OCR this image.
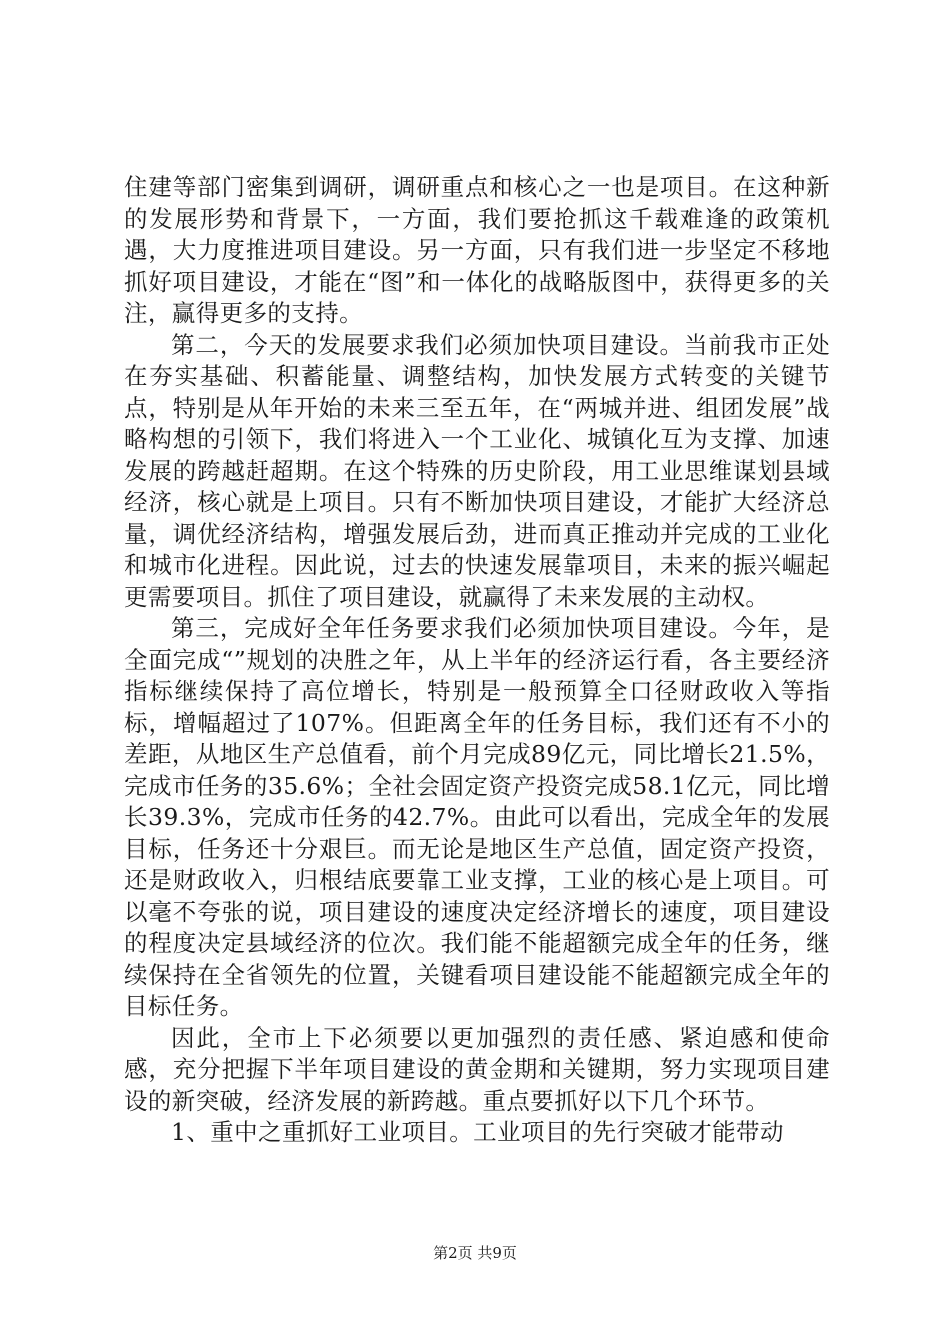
住建等部门密集到调研，调研重点和核心之一也是项目。在这种新的发展形势和背景下，一方面，我们要抢抓这千载难逢的政策机遇，大力度推进项目建设。另一方面，只有我们进一步坚定不移地抓好项目建设，才能在“图”和一体化的战略版图中，获得更多的关注，赢得更多的支持。

第二，今天的发展要求我们必须加快项目建设。当前我市正处在夯实基础、积蓄能量、调整结构，加快发展方式转变的关键节点，特别是从年开始的未来三至五年，在“两城并进、组团发展”战略构想的引领下，我们将进入一个工业化、城镇化互为支撑、加速发展的跨越赶超期。在这个特殊的历史阶段，用工业思维谋划县域经济，核心就是上项目。只有不断加快项目建设，才能扩大经济总量，调优经济结构，增强发展后劲，进而真正推动并完成的工业化和城市化进程。因此说，过去的快速发展靠项目，未来的振兴崛起更需要项目。抓住了项目建设，就赢得了未来发展的主动权。

第三，完成好全年任务要求我们必须加快项目建设。今年，是全面完成“”规划的决胜之年，从上半年的经济运行看，各主要经济指标继续保持了高位增长，特别是一般预算全口径财政收入等指标，增幅超过了107%。但距离全年的任务目标，我们还有不小的差距，从地区生产总值看，前个月完成89亿元，同比增长21.5%，完成市任务的35.6%；全社会固定资产投资完成58.1亿元，同比增长39.3%，完成市任务的42.7%。由此可以看出，完成全年的发展目标，任务还十分艰巨。而无论是地区生产总值，固定资产投资，还是财政收入，归根结底要靠工业支撑，工业的核心是上项目。可以毫不夸张的说，项目建设的速度决定经济增长的速度，项目建设的程度决定县域经济的位次。我们能不能超额完成全年的任务，继续保持在全省领先的位置，关键看项目建设能不能超额完成全年的目标任务。

因此，全市上下必须要以更加强烈的责任感、紧迫感和使命感，充分把握下半年项目建设的黄金期和关键期，努力实现项目建设的新突破，经济发展的新跨越。重点要抓好以下几个环节。

1、重中之重抓好工业项目。工业项目的先行突破才能带动

第2页 共9页
